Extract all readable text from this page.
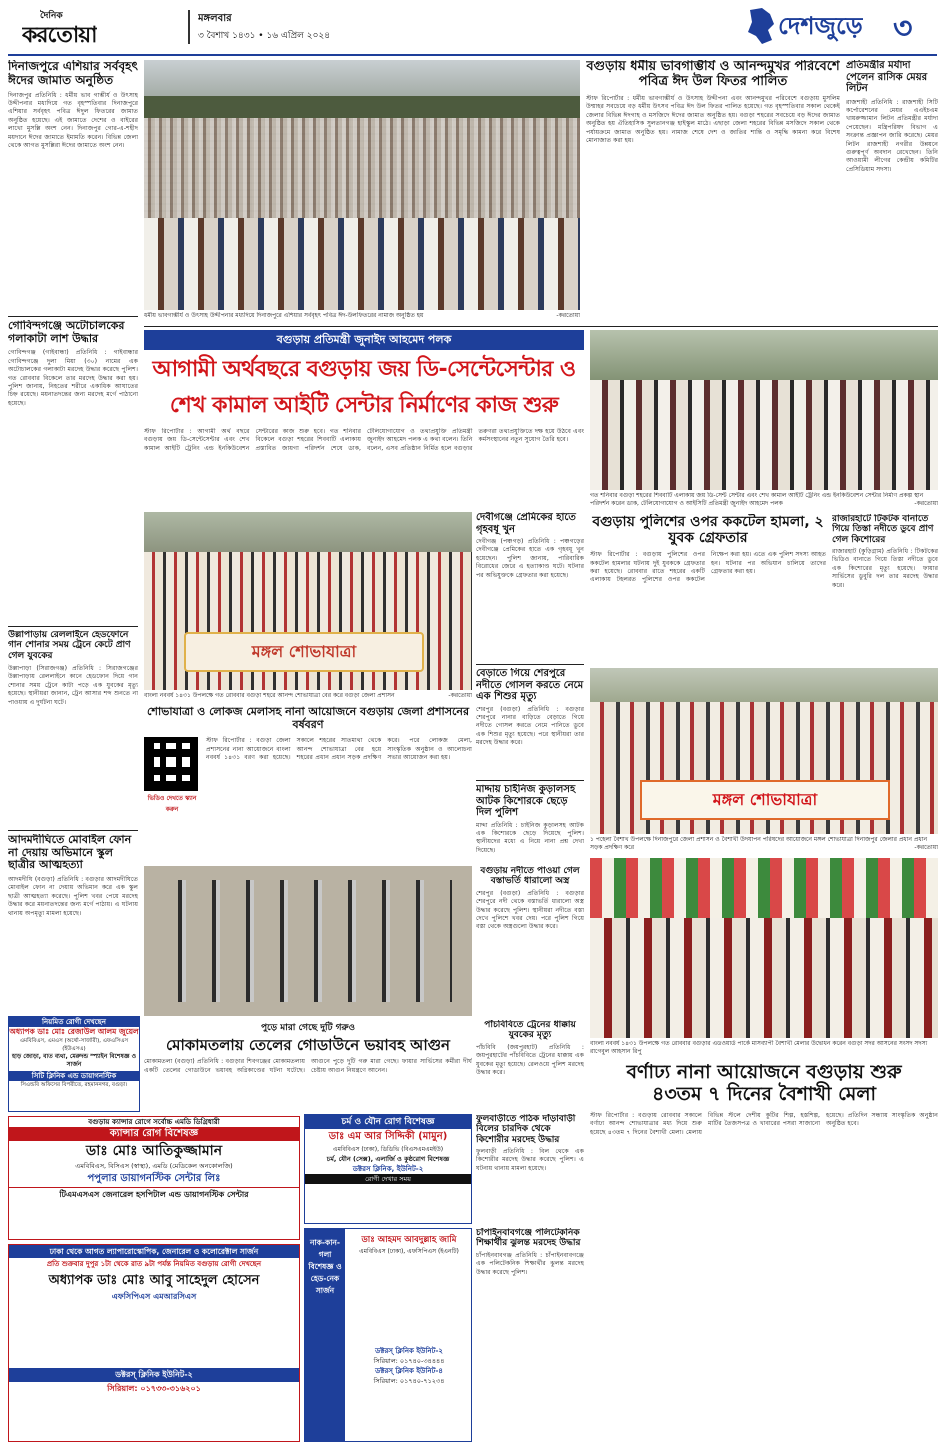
দৈনিক
করতোয়া
মঙ্গলবার
৩ বৈশাখ ১৪৩১ • ১৬ এপ্রিল ২০২৪	দেশজুড়ে ৩
দিনাজপুরে এশিয়ার সর্ববৃহৎ ঈদের জামাত অনুষ্ঠিত
দিনাজপুর প্রতিনিধি : ধর্মীয় ভাব গাম্ভীর্য ও উৎসাহ উদ্দীপনার মধ্যদিয়ে গত বৃহস্পতিবার দিনাজপুরে এশিয়ার সর্ববৃহৎ পবিত্র ঈদুল ফিতরের জামাত অনুষ্ঠিত হয়েছে। এই জামাতে দেশের ও বাইরের লাখো মুসল্লি অংশ নেন। দিনাজপুর গোর-এ-শহীদ ময়দানে ঈদের জামাতে ইমামতি করেন। বিভিন্ন জেলা থেকে আগত মুসল্লিরা ঈদের জামাতে অংশ নেন।
গোবিন্দগঞ্জে অটোচালকের গলাকাটা লাশ উদ্ধার
গোবিন্দগঞ্জ (গাইবান্ধা) প্রতিনিধি : গাইবান্ধার গোবিন্দগঞ্জে দুলা মিয়া (৩০) নামের এক অটোচালকের গলাকাটা মরদেহ উদ্ধার করেছে পুলিশ। গত রোববার বিকেলে তার মরদেহ উদ্ধার করা হয়। পুলিশ জানায়, নিহতের শরীরে একাধিক আঘাতের চিহ্ন রয়েছে। ময়নাতদন্তের জন্য মরদেহ মর্গে পাঠানো হয়েছে।
উল্লাপাড়ায় রেললাইনে হেডফোনে গান শোনার সময় ট্রেনে কেটে প্রাণ গেল যুবকের
উল্লাপাড়া (সিরাজগঞ্জ) প্রতিনিধি : সিরাজগঞ্জের উল্লাপাড়ায় রেললাইনে কানে হেডফোন দিয়ে গান শোনার সময় ট্রেনে কাটা পড়ে এক যুবকের মৃত্যু হয়েছে। স্থানীয়রা জানান, ট্রেন আসার শব্দ শুনতে না পাওয়ায় এ দুর্ঘটনা ঘটে।
আদমদীঘিতে মোবাইল ফোন না দেয়ায় অভিমানে স্কুল ছাত্রীর আত্মহত্যা
আদমদীঘি (বগুড়া) প্রতিনিধি : বগুড়ার আদমদীঘিতে মোবাইল ফোন না দেয়ায় অভিমান করে এক স্কুল ছাত্রী আত্মহত্যা করেছে। পুলিশ খবর পেয়ে মরদেহ উদ্ধার করে ময়নাতদন্তের জন্য মর্গে পাঠায়। এ ঘটনায় থানায় অপমৃত্যু মামলা হয়েছে।
ধর্মীয় ভাবগাম্ভীর্য ও উৎসাহ উদ্দীপনার মধ্যদিয়ে দিনাজপুরে এশিয়ার সর্ববৃহৎ পবিত্র ঈদ-উলফিতরের নামাজ অনুষ্ঠিত হয়	-করতোয়া
বগুড়ায় ধর্মীয় ভাবগাম্ভীর্য ও আনন্দমুখর পরিবেশে পবিত্র ঈদ উল ফিতর পালিত
স্টাফ রিপোর্টার : ধর্মীয় ভাবগাম্ভীর্য ও উৎসাহ উদ্দীপনা এবং আনন্দমুখর পরিবেশে বগুড়ায় মুসলিম উম্মাহর সবচেয়ে বড় ধর্মীয় উৎসব পবিত্র ঈদ উল ফিতর পালিত হয়েছে। গত বৃহস্পতিবার সকাল থেকেই জেলার বিভিন্ন ঈদগাহ ও মসজিদে ঈদের জামাত অনুষ্ঠিত হয়। বগুড়া শহরের সবচেয়ে বড় ঈদের জামাত অনুষ্ঠিত হয় ঐতিহাসিক সুলতানগঞ্জ হাইস্কুল মাঠে। এছাড়া জেলা শহরের বিভিন্ন মসজিদে সকাল থেকে পর্যায়ক্রমে জামাত অনুষ্ঠিত হয়। নামাজ শেষে দেশ ও জাতির শান্তি ও সমৃদ্ধি কামনা করে বিশেষ মোনাজাত করা হয়।
প্রতিমন্ত্রীর মর্যাদা পেলেন রাসিক মেয়র লিটন
রাজশাহী প্রতিনিধি : রাজশাহী সিটি কর্পোরেশনের মেয়র এএইচএম খায়রুজ্জামান লিটন প্রতিমন্ত্রীর মর্যাদা পেয়েছেন। মন্ত্রিপরিষদ বিভাগ এ সংক্রান্ত প্রজ্ঞাপন জারি করেছে। মেয়র লিটন রাজশাহী নগরীর উন্নয়নে গুরুত্বপূর্ণ অবদান রেখেছেন। তিনি আওয়ামী লীগের কেন্দ্রীয় কমিটির প্রেসিডিয়াম সদস্য।
বগুড়ায় প্রতিমন্ত্রী জুনাইদ আহমেদ পলক
আগামী অর্থবছরে বগুড়ায় জয় ডি-সেন্টেসেন্টার ও
শেখ কামাল আইটি সেন্টার নির্মাণের কাজ শুরু
স্টাফ রিপোর্টার : আগামী অর্থ বছরে বগুড়ায় জয় ডি-সেন্টেসেন্টার এবং শেখ কামাল আইটি ট্রেনিং এন্ড ইনকিউবেশন সেন্টারের কাজ শুরু হবে। গত শনিবার বিকেলে বগুড়া শহরের শিববাটি এলাকায় প্রস্তাবিত জায়গা পরিদর্শন শেষে ডাক, টেলিযোগাযোগ ও তথ্যপ্রযুক্তি প্রতিমন্ত্রী জুনাইদ আহমেদ পলক এ কথা বলেন। তিনি বলেন, এসব প্রতিষ্ঠান নির্মিত হলে বগুড়ার তরুণরা তথ্যপ্রযুক্তিতে দক্ষ হয়ে উঠবে এবং কর্মসংস্থানের নতুন সুযোগ তৈরি হবে।
গত শনিবার বগুড়া শহরের শিববাটি এলাকায় জয় ডি-সেন্ট সেন্টার এবং শেখ কামাল আইটি ট্রেনিং এন্ড ইনকিউবেশন সেন্টার নির্মাণ প্রকল্প স্থান পরিদর্শন করেন ডাক, টেলিযোগাযোগ ও আইসিটি প্রতিমন্ত্রী জুনাইদ আহমেদ পলক	-করতোয়া
মঙ্গল শোভাযাত্রা
বাংলা নববর্ষ ১৪৩১ উপলক্ষে গত রোববার বগুড়া শহরে আনন্দ শোভাযাত্রা বের করে বগুড়া জেলা প্রশাসন	-করতোয়া
শোভাযাত্রা ও লোকজ মেলাসহ নানা আয়োজনে বগুড়ায় জেলা প্রশাসনের বর্ষবরণ
ভিডিও দেখতে স্ক্যান করুন
স্টাফ রিপোর্টার : বগুড়া জেলা প্রশাসনের নানা আয়োজনে বাংলা নববর্ষ ১৪৩১ বরণ করা হয়েছে। সকালে শহরের সাতমাথা থেকে আনন্দ শোভাযাত্রা বের হয়ে শহরের প্রধান প্রধান সড়ক প্রদক্ষিণ করে। পরে লোকজ মেলা, সাংস্কৃতিক অনুষ্ঠান ও আলোচনা সভার আয়োজন করা হয়।
দেবীগঞ্জে প্রেমিকের হাতে গৃহবধূ খুন
দেবীগঞ্জ (পঞ্চগড়) প্রতিনিধি : পঞ্চগড়ের দেবীগঞ্জে প্রেমিকের হাতে এক গৃহবধূ খুন হয়েছেন। পুলিশ জানায়, পারিবারিক বিরোধের জেরে এ হত্যাকাণ্ড ঘটে। ঘটনার পর অভিযুক্তকে গ্রেফতার করা হয়েছে।
বেড়াতে গিয়ে শেরপুরে নদীতে গোসল করতে নেমে এক শিশুর মৃত্যু
শেরপুর (বগুড়া) প্রতিনিধি : বগুড়ার শেরপুরে নানার বাড়িতে বেড়াতে গিয়ে নদীতে গোসল করতে নেমে পানিতে ডুবে এক শিশুর মৃত্যু হয়েছে। পরে স্থানীয়রা তার মরদেহ উদ্ধার করে।
মাদ্দায় চাইনিজ কুড়ালসহ আটক কিশোরকে ছেড়ে দিল পুলিশ
মাদ্দা প্রতিনিধি : চাইনিজ কুড়ালসহ আটক এক কিশোরকে ছেড়ে দিয়েছে পুলিশ। স্থানীয়দের মধ্যে এ নিয়ে নানা প্রশ্ন দেখা দিয়েছে।
বগুড়ায় পুলিশের ওপর ককটেল হামলা, ২ যুবক গ্রেফতার
স্টাফ রিপোর্টার : বগুড়ায় পুলিশের ওপর ককটেল হামলার ঘটনায় দুই যুবককে গ্রেফতার করা হয়েছে। রোববার রাতে শহরের একটি এলাকায় টহলরত পুলিশের ওপর ককটেল নিক্ষেপ করা হয়। এতে এক পুলিশ সদস্য আহত হন। ঘটনার পর অভিযান চালিয়ে তাদের গ্রেফতার করা হয়।
রাজারহাটে টিকটক বানাতে গিয়ে তিস্তা নদীতে ডুবে প্রাণ গেল কিশোরের
রাজারহাট (কুড়িগ্রাম) প্রতিনিধি : টিকটকের ভিডিও বানাতে গিয়ে তিস্তা নদীতে ডুবে এক কিশোরের মৃত্যু হয়েছে। ফায়ার সার্ভিসের ডুবুরি দল তার মরদেহ উদ্ধার করে।
মঙ্গল শোভাযাত্রা
১ পহেলা বৈশাখ উপলক্ষে দিনাজপুরে জেলা প্রশাসন ও বৈশাখী উদযাপন পরিষদের আয়োজনে মঙ্গল শোভাযাত্রা দিনাজপুর জেলার প্রধান প্রধান সড়ক প্রদক্ষিণ করে	-করতোয়া
বগুড়ায় নদীতে পাওয়া গেল বস্তাভর্তি ধারালো অস্ত্র
শেরপুর (বগুড়া) প্রতিনিধি : বগুড়ার শেরপুরে নদী থেকে বস্তাভর্তি ধারালো অস্ত্র উদ্ধার করেছে পুলিশ। স্থানীয়রা নদীতে বস্তা দেখে পুলিশে খবর দেয়। পরে পুলিশ গিয়ে বস্তা থেকে অস্ত্রগুলো উদ্ধার করে।
বাংলা নববর্ষ ১৪৩১ উপলক্ষে গত রোববার বগুড়ার এডওয়ার্ড পার্কে মাসব্যাপী বৈশাখী মেলার উদ্বোধন করেন বগুড়া সদর আসনের সংসদ সদস্য রাগেবুল আহসান রিপু
পুড়ে মারা গেছে দুটি গরুও
মোকামতলায় তেলের গোডাউনে ভয়াবহ আগুন
মোকামতলা (বগুড়া) প্রতিনিধি : বগুড়ার শিবগঞ্জের মোকামতলায় একটি তেলের গোডাউনে ভয়াবহ অগ্নিকাণ্ডের ঘটনা ঘটেছে। আগুনে পুড়ে দুটি গরু মারা গেছে। ফায়ার সার্ভিসের কর্মীরা দীর্ঘ চেষ্টায় আগুন নিয়ন্ত্রণে আনেন।
পাঁচবিবিতে ট্রেনের ধাক্কায় যুবকের মৃত্যু
পাঁচবিবি (জয়পুরহাট) প্রতিনিধি : জয়পুরহাটের পাঁচবিবিতে ট্রেনের ধাক্কায় এক যুবকের মৃত্যু হয়েছে। রেলওয়ে পুলিশ মরদেহ উদ্ধার করে।
ফুলবাড়ীতে পাঠক দাঁড়াবাড়ী বিলের চারদিক থেকে কিশোরীর মরদেহ উদ্ধার
ফুলবাড়ী প্রতিনিধি : বিল থেকে এক কিশোরীর মরদেহ উদ্ধার করেছে পুলিশ। এ ঘটনায় থানায় মামলা হয়েছে।
চাঁপাইনবাবগঞ্জে পলিটেকনিক শিক্ষার্থীর ঝুলন্ত মরদেহ উদ্ধার
চাঁপাইনবাবগঞ্জ প্রতিনিধি : চাঁপাইনবাবগঞ্জে এক পলিটেকনিক শিক্ষার্থীর ঝুলন্ত মরদেহ উদ্ধার করেছে পুলিশ।
বর্ণাঢ্য নানা আয়োজনে বগুড়ায় শুরু
৪৩তম ৭ দিনের বৈশাখী মেলা
স্টাফ রিপোর্টার : বগুড়ায় রোববার সকালে বর্ণাঢ্য আনন্দ শোভাযাত্রার মধ্য দিয়ে শুরু হয়েছে ৪৩তম ৭ দিনের বৈশাখী মেলা। মেলায় বিভিন্ন স্টলে দেশীয় কুটির শিল্প, হস্তশিল্প, মাটির তৈজসপত্র ও খাবারের পসরা সাজানো হয়েছে। প্রতিদিন সন্ধ্যায় সাংস্কৃতিক অনুষ্ঠান অনুষ্ঠিত হবে।
নিয়মিত রোগী দেখছেন
অধ্যাপক ডাঃ মোঃ রেজাউল আলম জুয়েল
এমবিবিএস, এমএস (অর্থো-সার্জারী), এফএসিএস (ইউএসএ)
হাড় জোড়া, বাত ব্যথা, মেরুদন্ড স্প্যাইন বিশেষজ্ঞ ও সার্জন
সিটি ক্লিনিক এন্ড ডায়াগনস্টিক
সিএন্ডবি অফিসের বিপরীতে, রহমাননগর, বগুড়া।
বগুড়ায় ক্যান্সার রোগে সর্বোচ্চ এমডি ডিগ্রিধারী
ক্যান্সার রোগ বিশেষজ্ঞ
ডাঃ মোঃ আতিকুজ্জামান
এমবিবিএস, বিসিএস (স্বাস্থ্য), এমডি (মেডিকেল অনকোলজি)
পপুলার ডায়াগনস্টিক সেন্টার লিঃ
টিএমএসএস জেনারেল হসপিটাল এন্ড ডায়াগনস্টিক সেন্টার
ঢাকা থেকে আগত ল্যাপারোস্কোপিক, জেনারেল ও কলোরেক্টাল সার্জন
প্রতি শুক্রবার দুপুর ১টা থেকে রাত ৯টা পর্যন্ত নিয়মিত বগুড়ায় রোগী দেখছেন
অধ্যাপক ডাঃ মোঃ আবু সাহেদুল হোসেন
এফসিপিএস এমআরসিএস
ডক্টরস্ ক্লিনিক ইউনিট-২
সিরিয়াল: ০১৭৩৩-৩১৬২০১
চর্ম ও যৌন রোগ বিশেষজ্ঞ
ডাঃ এম আর সিদ্দিকী (মামুন)
এমবিবিএস (ঢাকা), ডিডিভি (বিএসএমএমইউ)
চর্ম, যৌন (সেক্স), এলার্জি ও কুষ্ঠরোগ বিশেষজ্ঞ
ডক্টরস ক্লিনিক, ইউনিট-২
রোগী দেখার সময়
নাক-কান-গলা বিশেষজ্ঞ ও হেড-নেক সার্জন
ডাঃ আহমদ আবদুল্লাহ জামি
এমবিবিএস (ঢাকা), এফসিপিএস (ইএনটি)
ডক্টরস্ ক্লিনিক ইউনিট-২
সিরিয়াল: ০১৭৪০-৩৪৪৪৪
ডক্টরস্ ক্লিনিক ইউনিট-৪
সিরিয়াল: ০১৭৪০-৭১২৩৪
